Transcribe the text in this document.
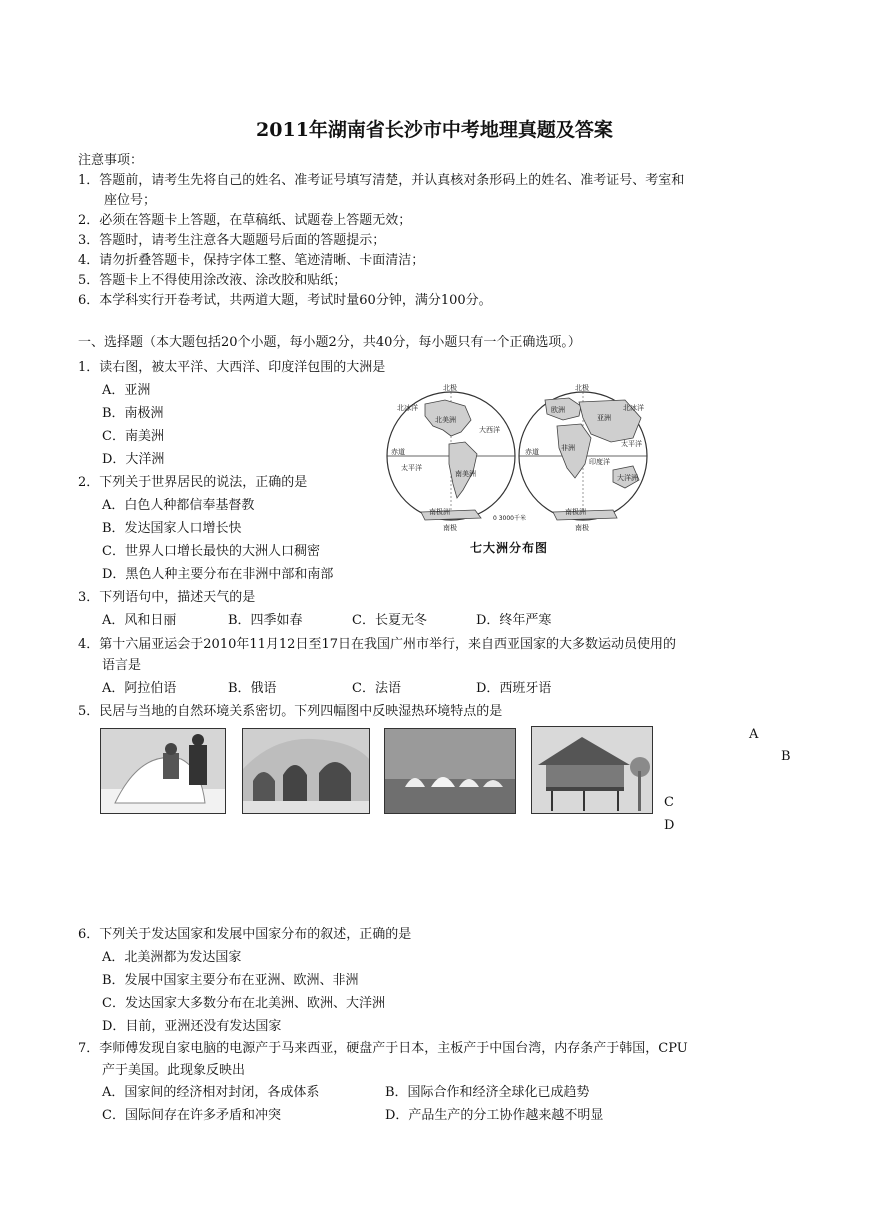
2011年湖南省长沙市中考地理真题及答案
注意事项：
1．答题前，请考生先将自己的姓名、准考证号填写清楚，并认真核对条形码上的姓名、准考证号、考室和
座位号；
2．必须在答题卡上答题，在草稿纸、试题卷上答题无效；
3．答题时，请考生注意各大题题号后面的答题提示；
4．请勿折叠答题卡，保持字体工整、笔迹清晰、卡面清洁；
5．答题卡上不得使用涂改液、涂改胶和贴纸；
6．本学科实行开卷考试，共两道大题，考试时量60分钟，满分100分。
一、选择题（本大题包括20个小题，每小题2分，共40分，每小题只有一个正确选项。）
1．读右图，被太平洋、大西洋、印度洋包围的大洲是
A．亚洲
B．南极洲
C．南美洲
D．大洋洲
2．下列关于世界居民的说法，正确的是
A．白色人种都信奉基督教
B．发达国家人口增长快
C．世界人口增长最快的大洲人口稠密
D．黑色人种主要分布在非洲中部和南部
北极	北极
南极	南极
北冰洋	北冰洋
北美洲
南美洲
大西洋
太平洋
赤道
南极洲
欧洲
亚洲
非洲
印度洋
大洋洲
太平洋
赤道
南极洲
0 3000千米
七大洲分布图
3．下列语句中，描述天气的是
A．风和日丽	B．四季如春	C．长夏无冬	D．终年严寒
4．第十六届亚运会于2010年11月12日至17日在我国广州市举行，来自西亚国家的大多数运动员使用的
语言是
A．阿拉伯语	B．俄语	C．法语	D．西班牙语
5．民居与当地的自然环境关系密切。下列四幅图中反映湿热环境特点的是
A
B
C
D
6．下列关于发达国家和发展中国家分布的叙述，正确的是
A．北美洲都为发达国家
B．发展中国家主要分布在亚洲、欧洲、非洲
C．发达国家大多数分布在北美洲、欧洲、大洋洲
D．目前，亚洲还没有发达国家
7．李师傅发现自家电脑的电源产于马来西亚，硬盘产于日本，主板产于中国台湾，内存条产于韩国，CPU
产于美国。此现象反映出
A．国家间的经济相对封闭，各成体系	B．国际合作和经济全球化已成趋势
C．国际间存在许多矛盾和冲突	D．产品生产的分工协作越来越不明显
